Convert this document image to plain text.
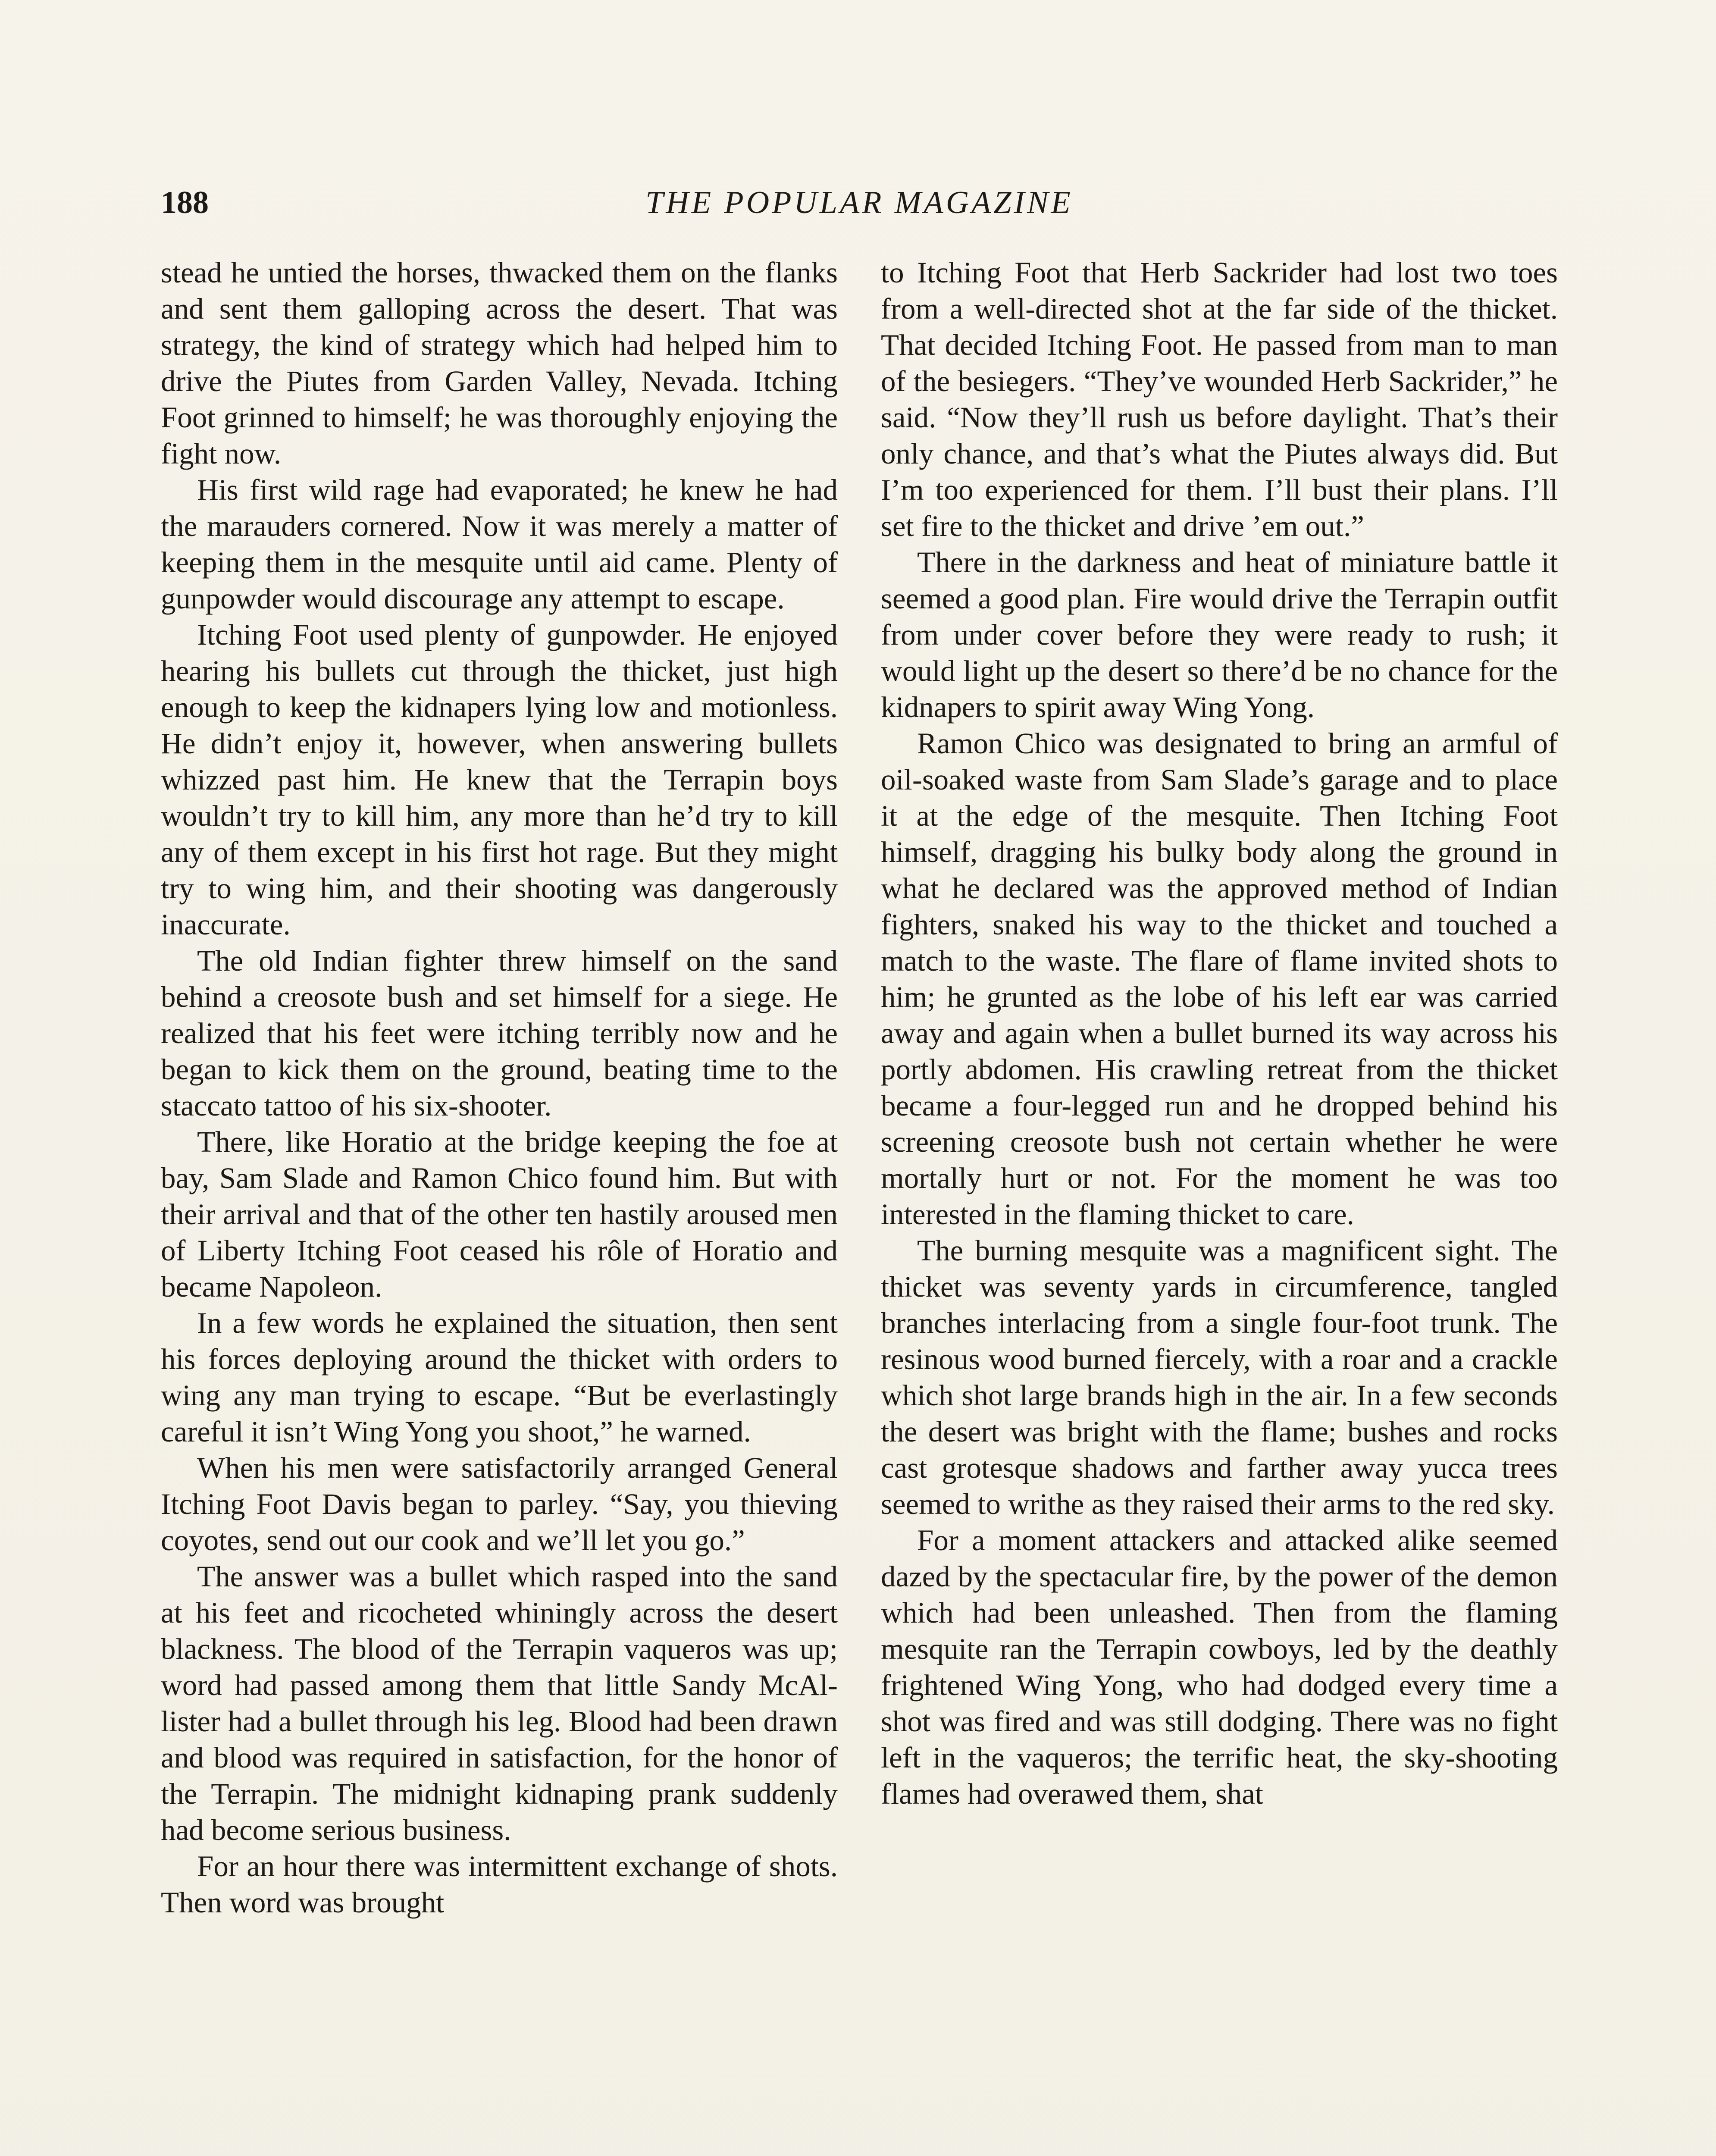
188	THE POPULAR MAGAZINE

stead he untied the horses, thwacked them on the flanks and sent them galloping across the desert. That was strategy, the kind of strategy which had helped him to drive the Piutes from Garden Valley, Nevada. Itching Foot grinned to himself; he was thoroughly enjoying the fight now.

His first wild rage had evaporated; he knew he had the marauders cornered. Now it was merely a matter of keeping them in the mesquite until aid came. Plenty of gunpowder would discourage any attempt to escape.

Itching Foot used plenty of gunpowder. He enjoyed hearing his bullets cut through the thicket, just high enough to keep the kidnapers lying low and motionless. He didn’t enjoy it, however, when answering bullets whizzed past him. He knew that the Terrapin boys wouldn’t try to kill him, any more than he’d try to kill any of them except in his first hot rage. But they might try to wing him, and their shooting was dangerously inaccurate.

The old Indian fighter threw himself on the sand behind a creosote bush and set himself for a siege. He realized that his feet were itching terribly now and he began to kick them on the ground, beating time to the staccato tattoo of his six-shooter.

There, like Horatio at the bridge keeping the foe at bay, Sam Slade and Ramon Chico found him. But with their arrival and that of the other ten hastily aroused men of Liberty Itching Foot ceased his rôle of Horatio and became Napoleon.

In a few words he explained the situation, then sent his forces deploying around the thicket with orders to wing any man trying to escape. “But be everlastingly careful it isn’t Wing Yong you shoot,” he warned.

When his men were satisfactorily arranged General Itching Foot Davis began to parley. “Say, you thieving coyotes, send out our cook and we’ll let you go.”

The answer was a bullet which rasped into the sand at his feet and ricocheted whiningly across the desert blackness. The blood of the Terrapin vaqueros was up; word had passed among them that little Sandy McAllister had a bullet through his leg. Blood had been drawn and blood was required in satisfaction, for the honor of the Terrapin. The midnight kidnaping prank suddenly had become serious business.

For an hour there was intermittent exchange of shots. Then word was brought

to Itching Foot that Herb Sackrider had lost two toes from a well-directed shot at the far side of the thicket. That decided Itching Foot. He passed from man to man of the besiegers. “They’ve wounded Herb Sackrider,” he said. “Now they’ll rush us before daylight. That’s their only chance, and that’s what the Piutes always did. But I’m too experienced for them. I’ll bust their plans. I’ll set fire to the thicket and drive ’em out.”

There in the darkness and heat of miniature battle it seemed a good plan. Fire would drive the Terrapin outfit from under cover before they were ready to rush; it would light up the desert so there’d be no chance for the kidnapers to spirit away Wing Yong.

Ramon Chico was designated to bring an armful of oil-soaked waste from Sam Slade’s garage and to place it at the edge of the mesquite. Then Itching Foot himself, dragging his bulky body along the ground in what he declared was the approved method of Indian fighters, snaked his way to the thicket and touched a match to the waste. The flare of flame invited shots to him; he grunted as the lobe of his left ear was carried away and again when a bullet burned its way across his portly abdomen. His crawling retreat from the thicket became a four-legged run and he dropped behind his screening creosote bush not certain whether he were mortally hurt or not. For the moment he was too interested in the flaming thicket to care.

The burning mesquite was a magnificent sight. The thicket was seventy yards in circumference, tangled branches interlacing from a single four-foot trunk. The resinous wood burned fiercely, with a roar and a crackle which shot large brands high in the air. In a few seconds the desert was bright with the flame; bushes and rocks cast grotesque shadows and farther away yucca trees seemed to writhe as they raised their arms to the red sky.

For a moment attackers and attacked alike seemed dazed by the spectacular fire, by the power of the demon which had been unleashed. Then from the flaming mesquite ran the Terrapin cowboys, led by the deathly frightened Wing Yong, who had dodged every time a shot was fired and was still dodging. There was no fight left in the vaqueros; the terrific heat, the sky-shooting flames had overawed them, shat
